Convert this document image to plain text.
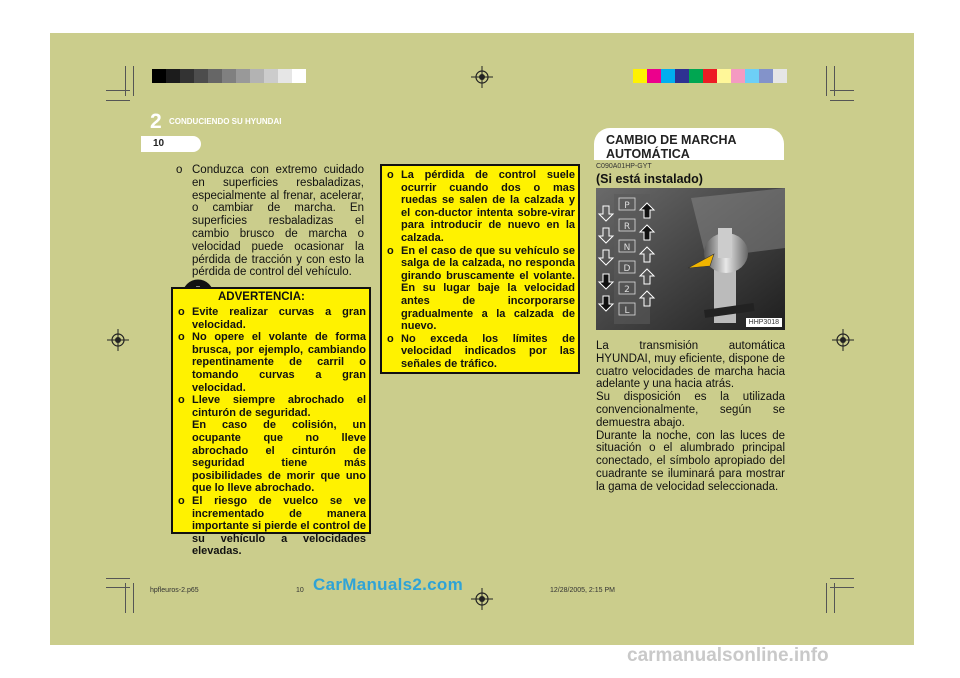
2 CONDUCIENDO SU HYUNDAI
10
o Conduzca con extremo cuidado en superficies resbaladizas, especialmente al frenar, acelerar, o cambiar de marcha. En superficies resbaladizas el cambio brusco de marcha o velocidad puede ocasionar la pérdida de tracción y con esto la pérdida de control del vehículo.
ADVERTENCIA:
o Evite realizar curvas a gran velocidad.
o No opere el volante de forma brusca, por ejemplo, cambiando repentinamente de carril o tomando curvas a gran velocidad.
o Lleve siempre abrochado el cinturón de seguridad.
En caso de colisión, un ocupante que no lleve abrochado el cinturón de seguridad tiene más posibilidades de morir que uno que lo lleve abrochado.
o El riesgo de vuelco se ve incrementado de manera importante si pierde el control de su vehículo a velocidades elevadas.
o La pérdida de control suele ocurrir cuando dos o mas ruedas se salen de la calzada y el con-ductor intenta sobre-virar para introducir de nuevo en la calzada.
o En el caso de que su vehículo se salga de la calzada, no responda girando bruscamente el volante. En su lugar baje la velocidad antes de incorporarse gradualmente a la calzada de nuevo.
o No exceda los límites de velocidad indicados por las señales de tráfico.
CAMBIO DE MARCHA AUTOMÁTICA
C090A01HP-GYT
(Si está instalado)
P
R
N
D
2
L
HHP3018
La transmisión automática HYUNDAI, muy eficiente, dispone de cuatro velocidades de marcha hacia adelante y una hacia atrás.
Su disposición es la utilizada convencionalmente, según se demuestra abajo.
Durante la noche, con las luces de situación o el alumbrado principal conectado, el símbolo apropiado del cuadrante se iluminará para mostrar la gama de velocidad seleccionada.
hpfleuros-2.p65	10	12/28/2005, 2:15 PM
CarManuals2.com
carmanualsonline.info
